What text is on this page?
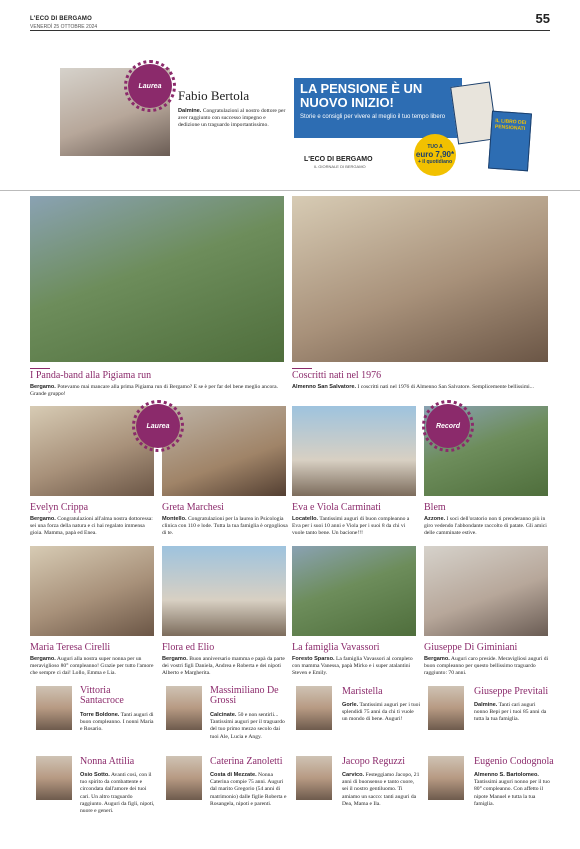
L'ECO DI BERGAMO
VENERDÌ 25 OTTOBRE 2024
55
Laurea
Fabio Bertola
Dalmine. Congratulazioni al nostro dottore per aver raggiunto con successo impegno e dedizione un traguardo importantissimo.
LA PENSIONE È UN NUOVO INIZIO!
Storie e consigli per vivere al meglio il tuo tempo libero
IL LIBRO DEI PENSIONATI
TUO A
euro 7,90*
+ il quotidiano
L'ECO DI BERGAMO
IL GIORNALE DI BERGAMO
I Panda-band alla Pigiama run
Bergamo. Potevamo mai mancare alla prima Pigiama run di Bergamo? E se è per far del bene meglio ancora. Grande gruppo!
Coscritti nati nel 1976
Almenno San Salvatore. I coscritti nati nel 1976 di Almenno San Salvatore. Semplicemente bellissimi...
Laurea	Record
Evelyn Crippa
Bergamo. Congratulazioni all'alma nostra dottoressa: sei una forza della natura e ci hai regalato immensa gioia. Mamma, papà ed Enea.
Greta Marchesi
Montello. Congratulazioni per la laurea in Psicologia clinica con 110 e lode. Tutta la tua famiglia è orgogliosa di te.
Eva e Viola Carminati
Locatello. Tantissimi auguri di buon compleanno a Eva per i suoi 10 anni e Viola per i suoi 8 da chi vi vuole tanto bene. Un bacione!!!
Blem
Azzone. I soci dell'oratorio non ti prenderanno più in giro vedendo l'abbondante raccolto di patate. Gli amici delle camminate estive.
Maria Teresa Cirelli
Bergamo. Auguri alla nostra super nonna per un meraviglioso 80° compleanno! Grazie per tutto l'amore che sempre ci dai! Lollo, Emma e Lia.
Flora ed Elio
Bergamo. Buon anniversario mamma e papà da parte dei vostri figli Daniela, Andrea e Roberta e dei nipoti Alberto e Margherita.
La famiglia Vavassori
Foresto Sparso. La famiglia Vavassori al completo con mamma Vanessa, papà Mirko e i super atalantini Steven e Emily.
Giuseppe Di Giminiani
Bergamo. Auguri caro preside. Meravigliosi auguri di buon compleanno per questo bellissimo traguardo raggiunto: 70 anni.
Vittoria Santacroce
Torre Boldone. Tanti auguri di buon compleanno. I nonni Maria e Rosario.
Massimiliano De Grossi
Calcinate. 50 e non sentirli... Tantissimi auguri per il traguardo del tuo primo mezzo secolo dai tuoi Ale, Lucia e Angy.
Maristella
Gorle. Tantissimi auguri per i tuoi splendidi 75 anni da chi ti vuole un mondo di bene. Auguri!
Giuseppe Previtali
Dalmine. Tanti cari auguri nonno Bepi per i tuoi 85 anni da tutta la tua famiglia.
Nonna Attilia
Osio Sotto. Avanti così, con il tuo spirito da combattente e circondata dall'amore dei tuoi cari. Un altro traguardo raggiunto. Auguri da figli, nipoti, nuore e generi.
Caterina Zanoletti
Costa di Mezzate. Nonna Caterina compie 75 anni. Auguri dal marito Gregorio (54 anni di matrimonio) dalle figlie Roberta e Rosangela, nipoti e parenti.
Jacopo Reguzzi
Carvico. Festeggiamo Jacopo, 21 anni di buonsenso e tanto cuore, sei il nostro gentiluomo. Ti amiamo un sacco: tanti auguri da Dea, Mama e Ila.
Eugenio Codognola
Almenno S. Bartolomeo. Tantissimi auguri nonno per il tuo 80° compleanno. Con affetto il nipote Manuel e tutta la tua famiglia.
